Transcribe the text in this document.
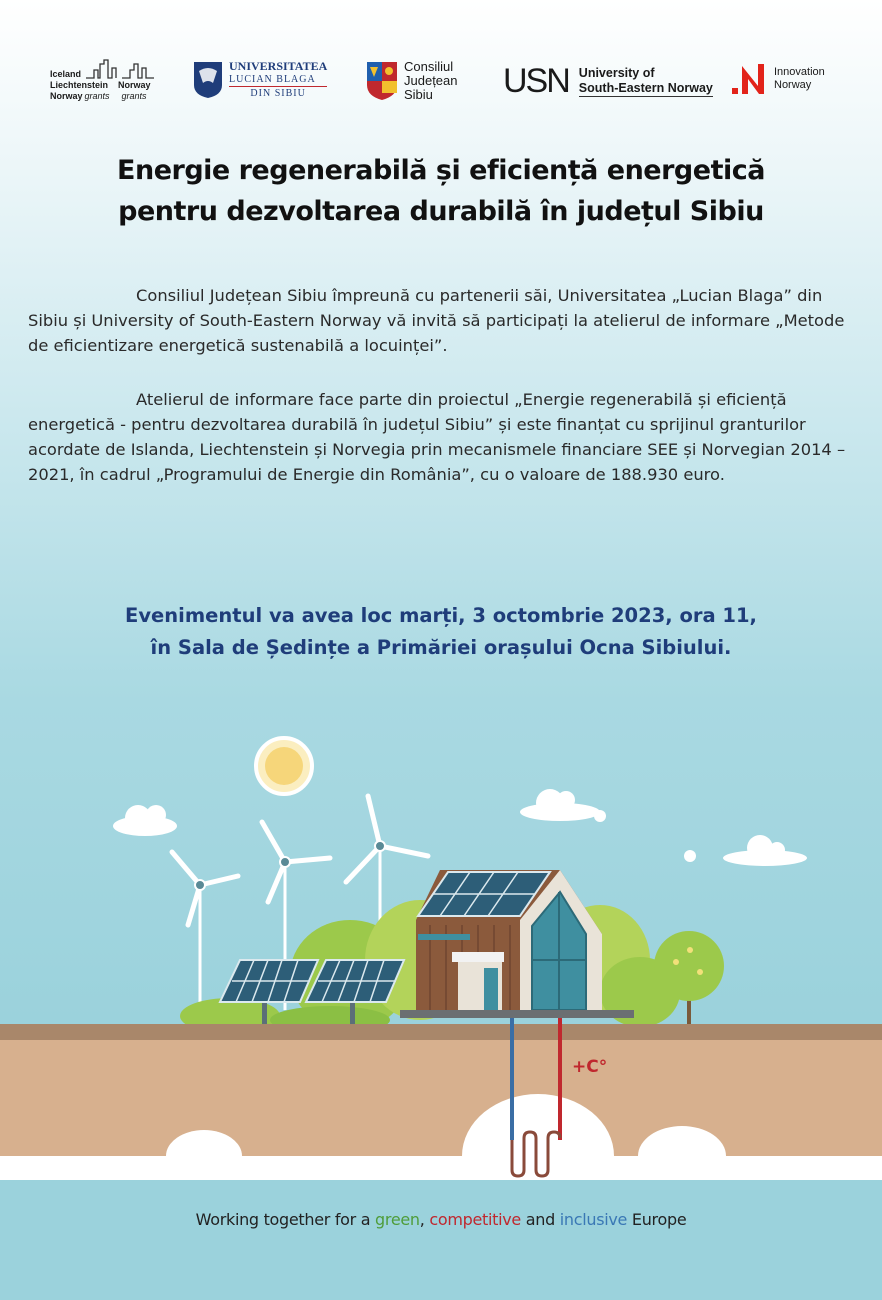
Iceland
Liechtenstein Norway
Norway grants grants
UNIVERSITATEA
LUCIAN BLAGA
DIN SIBIU
Consiliul
Județean
Sibiu	USN University of
South-Eastern Norway
Innovation
Norway
Energie regenerabilă și eficiență energetică
pentru dezvoltarea durabilă în județul Sibiu

Consiliul Județean Sibiu împreună cu partenerii săi, Universitatea „Lucian Blaga” din Sibiu și University of South-Eastern Norway vă invită să participați la atelierul de informare „Metode de eficientizare energetică sustenabilă a locuinței”.

Atelierul de informare face parte din proiectul „Energie regenerabilă și eficiență energetică - pentru dezvoltarea durabilă în județul Sibiu” și este finanțat cu sprijinul granturilor acordate de Islanda, Liechtenstein și Norvegia prin mecanismele financiare SEE și Norvegian 2014 – 2021, în cadrul „Programului de Energie din România”, cu o valoare de 188.930 euro.

Evenimentul va avea loc marți, 3 octombrie 2023, ora 11,
în Sala de Ședințe a Primăriei orașului Ocna Sibiului.

+C°
Working together for a green, competitive and inclusive Europe
